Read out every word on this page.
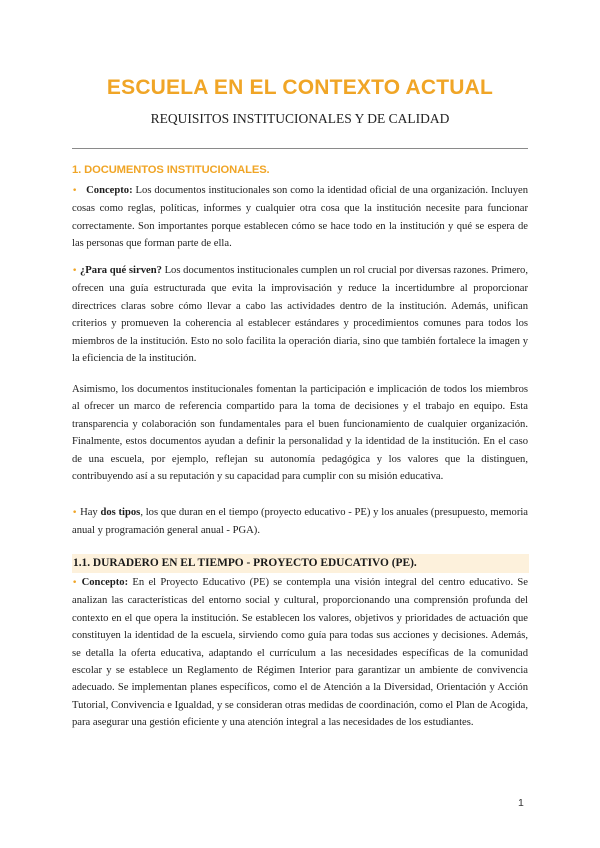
ESCUELA EN EL CONTEXTO ACTUAL
REQUISITOS INSTITUCIONALES Y DE CALIDAD
1. DOCUMENTOS INSTITUCIONALES.

• Concepto: Los documentos institucionales son como la identidad oficial de una organización. Incluyen cosas como reglas, políticas, informes y cualquier otra cosa que la institución necesite para funcionar correctamente. Son importantes porque establecen cómo se hace todo en la institución y qué se espera de las personas que forman parte de ella.

• ¿Para qué sirven? Los documentos institucionales cumplen un rol crucial por diversas razones. Primero, ofrecen una guía estructurada que evita la improvisación y reduce la incertidumbre al proporcionar directrices claras sobre cómo llevar a cabo las actividades dentro de la institución. Además, unifican criterios y promueven la coherencia al establecer estándares y procedimientos comunes para todos los miembros de la institución. Esto no solo facilita la operación diaria, sino que también fortalece la imagen y la eficiencia de la institución.

Asimismo, los documentos institucionales fomentan la participación e implicación de todos los miembros al ofrecer un marco de referencia compartido para la toma de decisiones y el trabajo en equipo. Esta transparencia y colaboración son fundamentales para el buen funcionamiento de cualquier organización. Finalmente, estos documentos ayudan a definir la personalidad y la identidad de la institución. En el caso de una escuela, por ejemplo, reflejan su autonomía pedagógica y los valores que la distinguen, contribuyendo así a su reputación y su capacidad para cumplir con su misión educativa.

• Hay dos tipos, los que duran en el tiempo (proyecto educativo - PE) y los anuales (presupuesto, memoria anual y programación general anual - PGA).

1.1. DURADERO EN EL TIEMPO - PROYECTO EDUCATIVO (PE).

• Concepto: En el Proyecto Educativo (PE) se contempla una visión integral del centro educativo. Se analizan las características del entorno social y cultural, proporcionando una comprensión profunda del contexto en el que opera la institución. Se establecen los valores, objetivos y prioridades de actuación que constituyen la identidad de la escuela, sirviendo como guía para todas sus acciones y decisiones. Además, se detalla la oferta educativa, adaptando el currículum a las necesidades específicas de la comunidad escolar y se establece un Reglamento de Régimen Interior para garantizar un ambiente de convivencia adecuado. Se implementan planes específicos, como el de Atención a la Diversidad, Orientación y Acción Tutorial, Convivencia e Igualdad, y se consideran otras medidas de coordinación, como el Plan de Acogida, para asegurar una gestión eficiente y una atención integral a las necesidades de los estudiantes.

1
